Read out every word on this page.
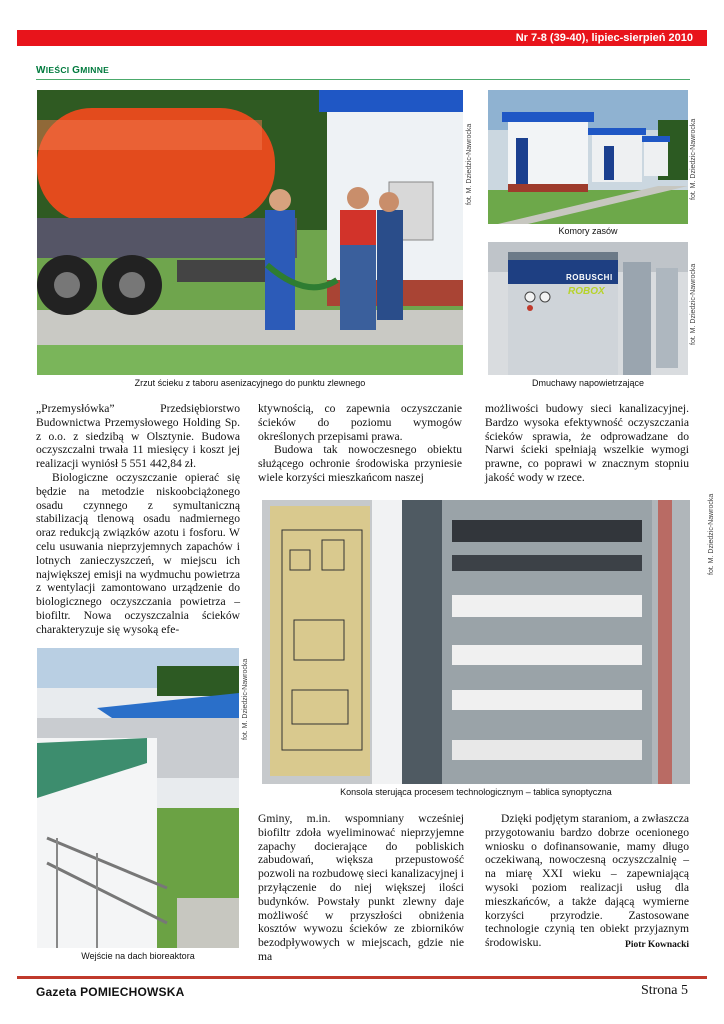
Nr 7-8 (39-40), lipiec-sierpień 2010
WIEŚCI GMINNE
fot. M. Dziedzic-Nawrocka
Zrzut ścieku z taboru asenizacyjnego do punktu zlewnego
fot. M. Dziedzic-Nawrocka
Komory zasów
ROBUSCHI
ROBOX	fot. M. Dziedzic-Nawrocka
Dmuchawy napowietrzające

„Przemysłówka” Przedsiębiorstwo Budownictwa Przemysłowego Holding Sp. z o.o. z siedzibą w Olsztynie. Budowa oczyszczalni trwała 11 miesięcy i koszt jej realizacji wyniósł 5 551 442,84 zł.

Biologiczne oczyszczanie opierać się będzie na metodzie niskoobciążonego osadu czynnego z symultaniczną stabilizacją tlenową osadu nadmiernego oraz redukcją związków azotu i fosforu. W celu usuwania nieprzyjemnych zapachów i lotnych zanieczyszczeń, w miejscu ich największej emisji na wydmuchu powietrza z wentylacji zamontowano urządzenie do biologicznego oczyszczania powietrza – biofiltr. Nowa oczyszczalnia ścieków charakteryzuje się wysoką efe-

ktywnością, co zapewnia oczyszczanie ścieków do poziomu wymogów określonych przepisami prawa.

Budowa tak nowoczesnego obiektu służącego ochronie środowiska przyniesie wiele korzyści mieszkańcom naszej

możliwości budowy sieci kanalizacyjnej. Bardzo wysoka efektywność oczyszczania ścieków sprawia, że odprowadzane do Narwi ścieki spełniają wszelkie wymogi prawne, co poprawi w znacznym stopniu jakość wody w rzece.

fot. M. Dziedzic-Nawrocka
Konsola sterująca procesem technologicznym – tablica synoptyczna
fot. M. Dziedzic-Nawrocka
Wejście na dach bioreaktora

Gminy, m.in. wspomniany wcześniej biofiltr zdoła wyeliminować nieprzyjemne zapachy docierające do pobliskich zabudowań, większa przepustowość pozwoli na rozbudowę sieci kanalizacyjnej i przyłączenie do niej większej ilości budynków. Powstały punkt zlewny daje możliwość w przyszłości obniżenia kosztów wywozu ścieków ze zbiorników bezodpływowych w miejscach, gdzie nie ma

Dzięki podjętym staraniom, a zwłaszcza przygotowaniu bardzo dobrze ocenionego wniosku o dofinansowanie, mamy długo oczekiwaną, nowoczesną oczyszczalnię – na miarę XXI wieku – zapewniającą wysoki poziom realizacji usług dla mieszkańców, a także dającą wymierne korzyści przyrodzie. Zastosowane technologie czynią ten obiekt przyjaznym środowisku.	Piotr Kownacki
Gazeta POMIECHOWSKA	Strona 5
